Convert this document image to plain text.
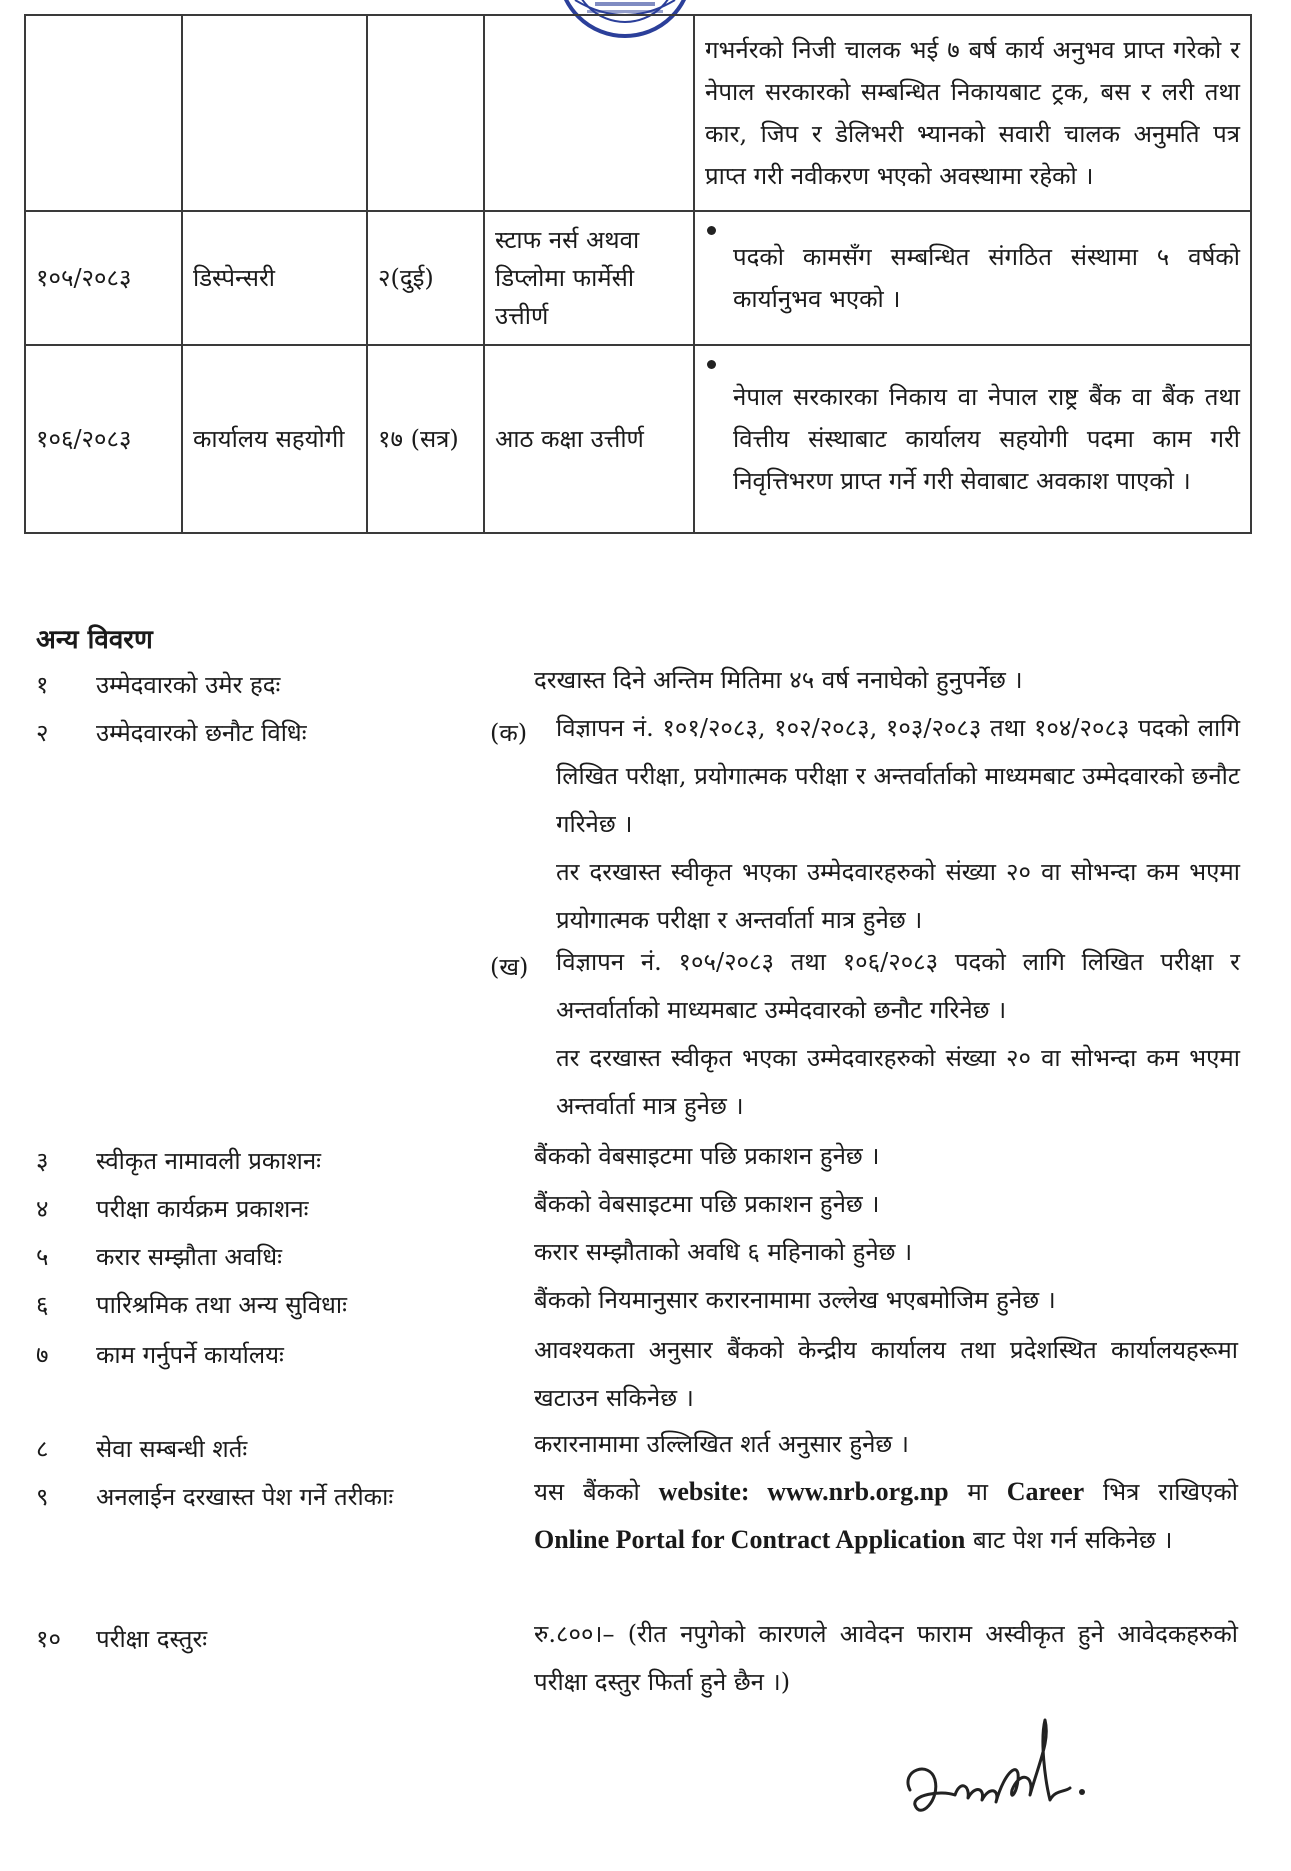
				गभर्नरको निजी चालक भई ७ बर्ष कार्य अनुभव प्राप्त गरेको र नेपाल सरकारको सम्बन्धित निकायबाट ट्रक, बस र लरी तथा कार, जिप र डेलिभरी भ्यानको सवारी चालक अनुमति पत्र प्राप्त गरी नवीकरण भएको अवस्थामा रहेको ।
१०५/२०८३	डिस्पेन्सरी	२(दुई)	स्टाफ नर्स अथवा डिप्लोमा फार्मेसी उत्तीर्ण	पदको कामसँग सम्बन्धित संगठित संस्थामा ५ वर्षको कार्यानुभव भएको ।
१०६/२०८३	कार्यालय सहयोगी	१७ (सत्र)	आठ कक्षा उत्तीर्ण	नेपाल सरकारका निकाय वा नेपाल राष्ट्र बैंक वा बैंक तथा वित्तीय संस्थाबाट कार्यालय सहयोगी पदमा काम गरी निवृत्तिभरण प्राप्त गर्ने गरी सेवाबाट अवकाश पाएको ।
अन्य विवरण
१ उम्मेदवारको उमेर हदः	दरखास्त दिने अन्तिम मितिमा ४५ वर्ष ननाघेको हुनुपर्नेछ ।
२ उम्मेदवारको छनौट विधिः	(क) विज्ञापन नं. १०१/२०८३, १०२/२०८३, १०३/२०८३ तथा १०४/२०८३ पदको लागि लिखित परीक्षा, प्रयोगात्मक परीक्षा र अन्तर्वार्ताको माध्यमबाट उम्मेदवारको छनौट गरिनेछ ।
तर दरखास्त स्वीकृत भएका उम्मेदवारहरुको संख्या २० वा सोभन्दा कम भएमा प्रयोगात्मक परीक्षा र अन्तर्वार्ता मात्र हुनेछ ।
(ख) विज्ञापन नं. १०५/२०८३ तथा १०६/२०८३ पदको लागि लिखित परीक्षा र अन्तर्वार्ताको माध्यमबाट उम्मेदवारको छनौट गरिनेछ ।
तर दरखास्त स्वीकृत भएका उम्मेदवारहरुको संख्या २० वा सोभन्दा कम भएमा अन्तर्वार्ता मात्र हुनेछ ।
३ स्वीकृत नामावली प्रकाशनः	बैंकको वेबसाइटमा पछि प्रकाशन हुनेछ ।
४ परीक्षा कार्यक्रम प्रकाशनः	बैंकको वेबसाइटमा पछि प्रकाशन हुनेछ ।
५ करार सम्झौता अवधिः	करार सम्झौताको अवधि ६ महिनाको हुनेछ ।
६ पारिश्रमिक तथा अन्य सुविधाः	बैंकको नियमानुसार करारनामामा उल्लेख भएबमोजिम हुनेछ ।
७ काम गर्नुपर्ने कार्यालयः	आवश्यकता अनुसार बैंकको केन्द्रीय कार्यालय तथा प्रदेशस्थित कार्यालयहरूमा खटाउन सकिनेछ ।
८ सेवा सम्बन्धी शर्तः	करारनामामा उल्लिखित शर्त अनुसार हुनेछ ।
९ अनलाईन दरखास्त पेश गर्ने तरीकाः	यस बैंकको website: www.nrb.org.np मा Career भित्र राखिएको Online Portal for Contract Application बाट पेश गर्न सकिनेछ ।
१० परीक्षा दस्तुरः	रु.८००।– (रीत नपुगेको कारणले आवेदन फाराम अस्वीकृत हुने आवेदकहरुको परीक्षा दस्तुर फिर्ता हुने छैन ।)
